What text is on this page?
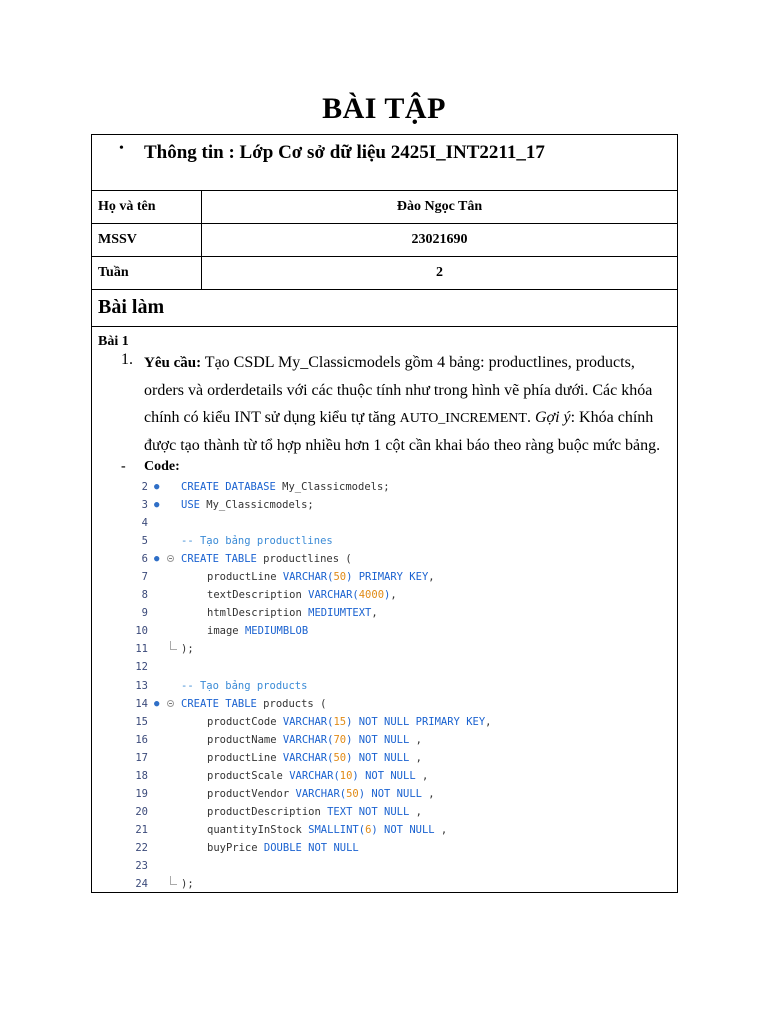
BÀI TẬP
• Thông tin : Lớp Cơ sở dữ liệu 2425I_INT2211_17
Họ và tên	Đào Ngọc Tân
MSSV	23021690
Tuần	2
Bài làm
Bài 1
1. Yêu cầu: Tạo CSDL My_Classicmodels gồm 4 bảng: productlines, products, orders và orderdetails với các thuộc tính như trong hình vẽ phía dưới. Các khóa chính có kiểu INT sử dụng kiểu tự tăng AUTO_INCREMENT. Gợi ý: Khóa chính được tạo thành từ tổ hợp nhiều hơn 1 cột cần khai báo theo ràng buộc mức bảng.
- Code:
2 ● CREATE DATABASE My_Classicmodels;
3 ● USE My_Classicmodels;
4
5	-- Tạo bảng productlines
6 ● CREATE TABLE productlines (
7	productLine VARCHAR(50) PRIMARY KEY,
8	textDescription VARCHAR(4000),
9	htmlDescription MEDIUMTEXT,
10	image MEDIUMBLOB
11	);
12
13	-- Tạo bảng products
14 ● CREATE TABLE products (
15	productCode VARCHAR(15) NOT NULL PRIMARY KEY,
16	productName VARCHAR(70) NOT NULL ,
17	productLine VARCHAR(50) NOT NULL ,
18	productScale VARCHAR(10) NOT NULL ,
19	productVendor VARCHAR(50) NOT NULL ,
20	productDescription TEXT NOT NULL ,
21	quantityInStock SMALLINT(6) NOT NULL ,
22	buyPrice DOUBLE NOT NULL
23
24	);
